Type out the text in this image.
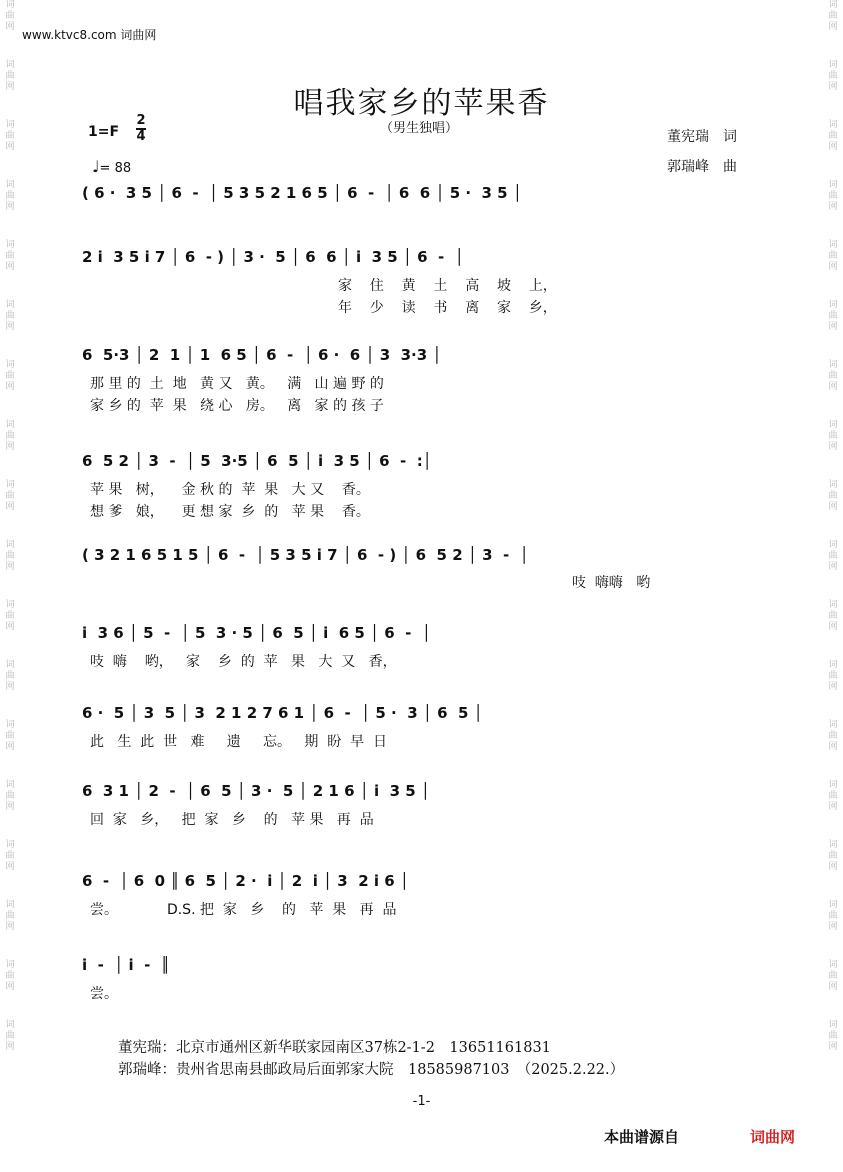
词
曲
网
词
曲
网
词
曲
网
词
曲
网
词
曲
网
词
曲
网
词
曲
网
词
曲
网
词
曲
网
词
曲
网
词
曲
网
词
曲
网
词
曲
网
词
曲
网
词
曲
网
词
曲
网
词
曲
网
词
曲
网
词
曲
网
词
曲
网
词
曲
网
词
曲
网
词
曲
网
词
曲
网
词
曲
网
词
曲
网
词
曲
网
词
曲
网
词
曲
网
词
曲
网
词
曲
网
词
曲
网
词
曲
网
词
曲
网
词
曲
网
词
曲
网
www.ktvc8.com 词曲网
唱我家乡的苹果香
（男生独唱）
1=F
2
4
♩= 88
董宪瑞　词
郭瑞峰　曲
( 6 ·  3 5 │ 6  -  │ 5 3 5 2 1 6 5 │ 6  -  │ 6  6 │ 5 ·  3 5 │
2 i  3 5 i 7 │ 6  - ) │ 3 ·  5 │ 6  6 │ i  3 5 │ 6  -  │
家    住    黄    土    高    坡    上，
年    少    读    书    离    家    乡，
6  5·3 │ 2  1 │ 1  6 5 │ 6  -  │ 6 ·  6 │ 3  3·3 │
那 里 的  土  地   黄 又   黄。   满   山 遍 野 的
家 乡 的  苹  果   绕 心   房。   离   家 的 孩 子
6  5 2 │ 3  -  │ 5  3·5 │ 6  5 │ i  3 5 │ 6  -  :│
苹 果   树，    金 秋 的  苹  果   大 又    香。
想 爹   娘，    更 想 家  乡  的   苹 果    香。
( 3 2 1 6 5 1 5 │ 6  -  │ 5 3 5 i 7 │ 6  - ) │ 6  5 2 │ 3  -  │
吱  嗨嗨   哟
i  3 6 │ 5  -  │ 5  3 · 5 │ 6  5 │ i  6 5 │ 6  -  │
吱  嗨    哟，   家    乡  的  苹   果   大  又   香，
6 ·  5 │ 3  5 │ 3  2 1 2 7 6 1 │ 6  -  │ 5 ·  3 │ 6  5 │
此   生  此  世   难     遗     忘。   期  盼  早  日
6  3 1 │ 2  -  │ 6  5 │ 3 ·  5 │ 2 1 6 │ i  3 5 │
回  家   乡，   把  家   乡    的   苹 果   再  品
6  -  │ 6  0 ║ 6  5 │ 2 ·  i │ 2  i │ 3  2 i 6 │
尝。           D.S. 把  家   乡    的   苹  果   再  品
i  -  │ i  -  ║
尝。
董宪瑞：北京市通州区新华联家园南区37栋2-1-2　13651161831
郭瑞峰：贵州省思南县邮政局后面郭家大院　18585987103　（2025.2.22.）
-1-
本曲谱源自	词曲网
